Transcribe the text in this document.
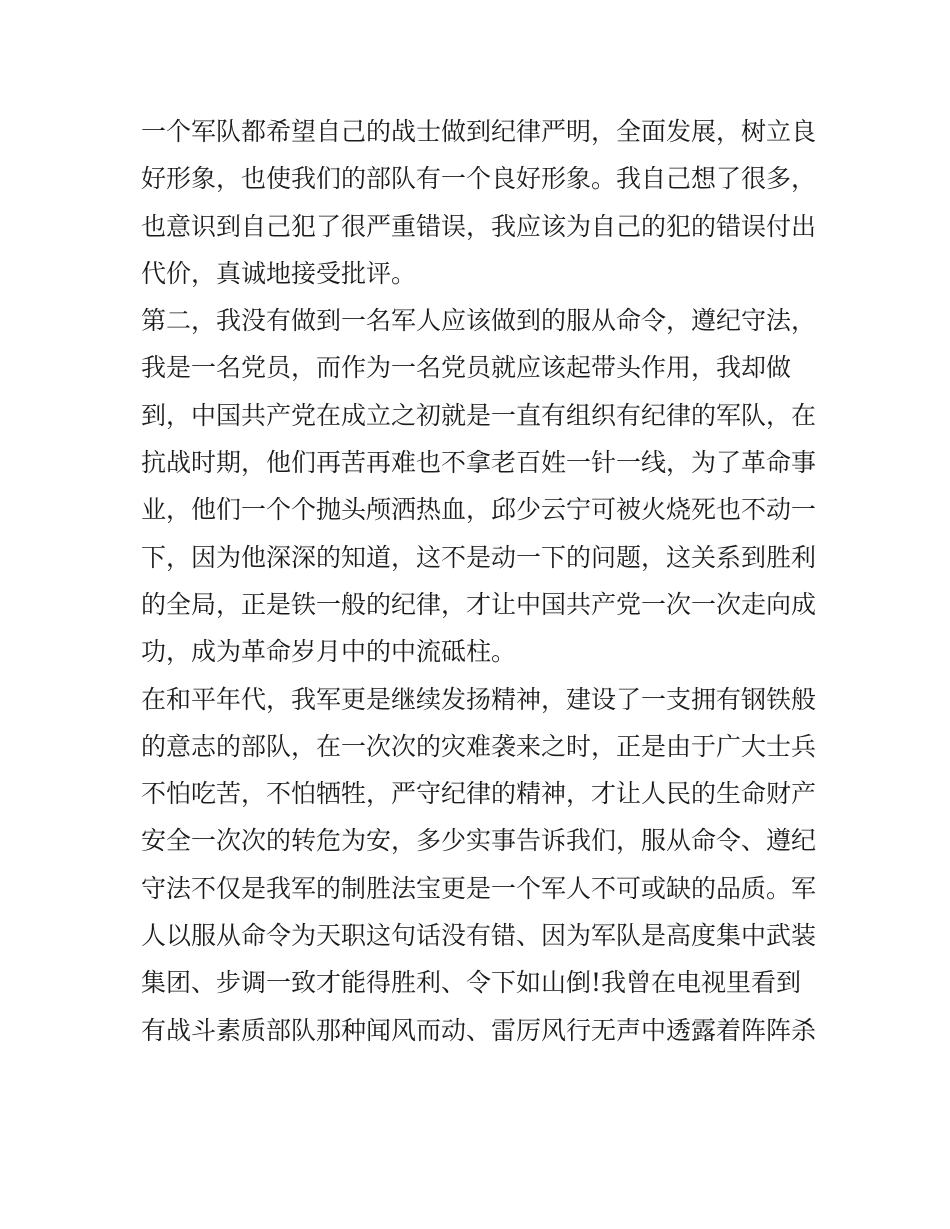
一个军队都希望自己的战士做到纪律严明，全面发展，树立良
好形象，也使我们的部队有一个良好形象。我自己想了很多，
也意识到自己犯了很严重错误，我应该为自己的犯的错误付出
代价，真诚地接受批评。
第二，我没有做到一名军人应该做到的服从命令，遵纪守法，
我是一名党员，而作为一名党员就应该起带头作用，我却做
到，中国共产党在成立之初就是一直有组织有纪律的军队，在
抗战时期，他们再苦再难也不拿老百姓一针一线，为了革命事
业，他们一个个抛头颅洒热血，邱少云宁可被火烧死也不动一
下，因为他深深的知道，这不是动一下的问题，这关系到胜利
的全局，正是铁一般的纪律，才让中国共产党一次一次走向成
功，成为革命岁月中的中流砥柱。
在和平年代，我军更是继续发扬精神，建设了一支拥有钢铁般
的意志的部队，在一次次的灾难袭来之时，正是由于广大士兵
不怕吃苦，不怕牺牲，严守纪律的精神，才让人民的生命财产
安全一次次的转危为安，多少实事告诉我们，服从命令、遵纪
守法不仅是我军的制胜法宝更是一个军人不可或缺的品质。军
人以服从命令为天职这句话没有错、因为军队是高度集中武装
集团、步调一致才能得胜利、令下如山倒!我曾在电视里看到
有战斗素质部队那种闻风而动、雷厉风行无声中透露着阵阵杀
